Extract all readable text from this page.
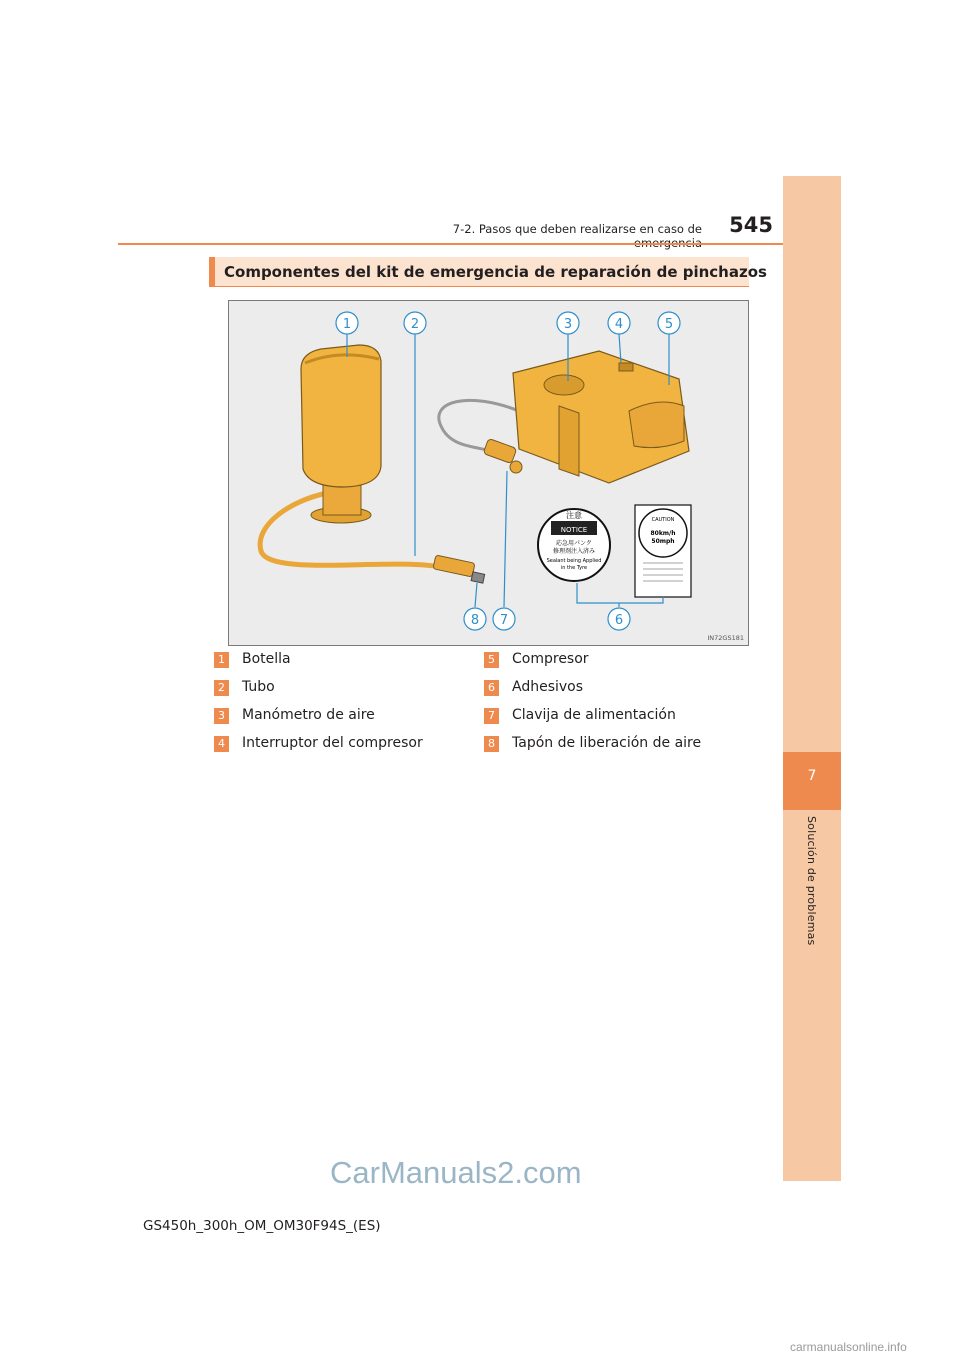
7
Solución de problemas
7-2. Pasos que deben realizarse en caso de	545
Componentes del kit de emergencia de reparación de pinchazos
注意
NOTICE
応急用パンク
修理剤注入済み
Sealant being Applied
in the Tyre
CAUTION
80km/h
50mph
1	2	3	4	5
6
7
8
IN72GS181
1 Botella
2 Tubo
3 Manómetro de aire
4 Interruptor del compresor
5 Compresor
6 Adhesivos
7 Clavija de alimentación
8 Tapón de liberación de aire
CarManuals2.com
GS450h_300h_OM_OM30F94S_(ES)
carmanualsonline.info
